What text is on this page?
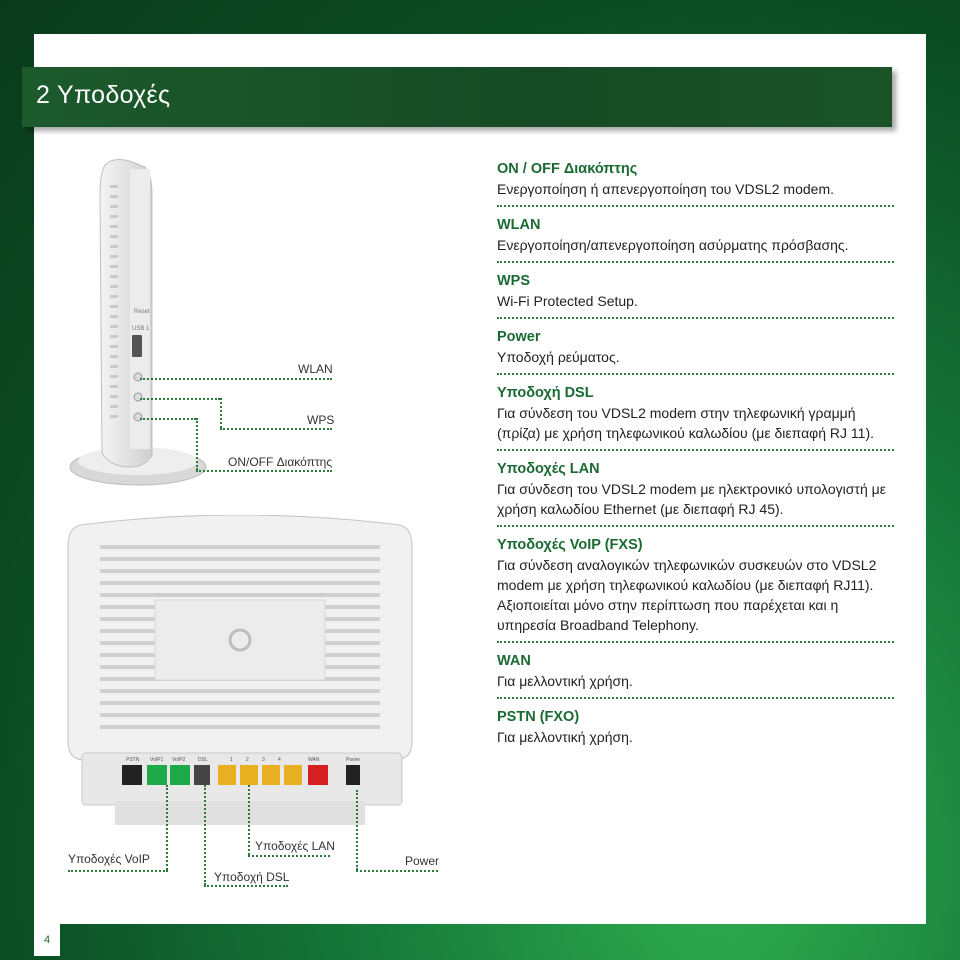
2 Υποδοχές
Reset
USB 1
WLAN
WPS
ON/OFF Διακόπτης
PSTN VoIP1 VoIP2	DSL	1	2	3	4	WAN	Power
Υποδοχές VoIP
Υποδοχή DSL
Υποδοχές LAN
Power
ON / OFF Διακόπτης
Ενεργοποίηση ή απενεργοποίηση του VDSL2 modem.
WLAN
Ενεργοποίηση/απενεργοποίηση ασύρματης πρόσβασης.
WPS
Wi-Fi Protected Setup.
Power
Υποδοχή ρεύματος.
Υποδοχή DSL
Για σύνδεση του VDSL2 modem στην τηλεφωνική γραμμή (πρίζα) με χρήση τηλεφωνικού καλωδίου (με διεπαφή RJ 11).
Υποδοχές LAN
Για σύνδεση του VDSL2 modem με ηλεκτρονικό υπολογιστή με χρήση καλωδίου Ethernet (με διεπαφή RJ 45).
Υποδοχές VoIP (FXS)
Για σύνδεση αναλογικών τηλεφωνικών συσκευών στο VDSL2 modem με χρήση τηλεφωνικού καλωδίου (με διεπαφή RJ11). Αξιοποιείται μόνο στην περίπτωση που παρέχεται και η υπηρεσία Broadband Telephony.
WAN
Για μελλοντική χρήση.
PSTN (FXO)
Για μελλοντική χρήση.
4
